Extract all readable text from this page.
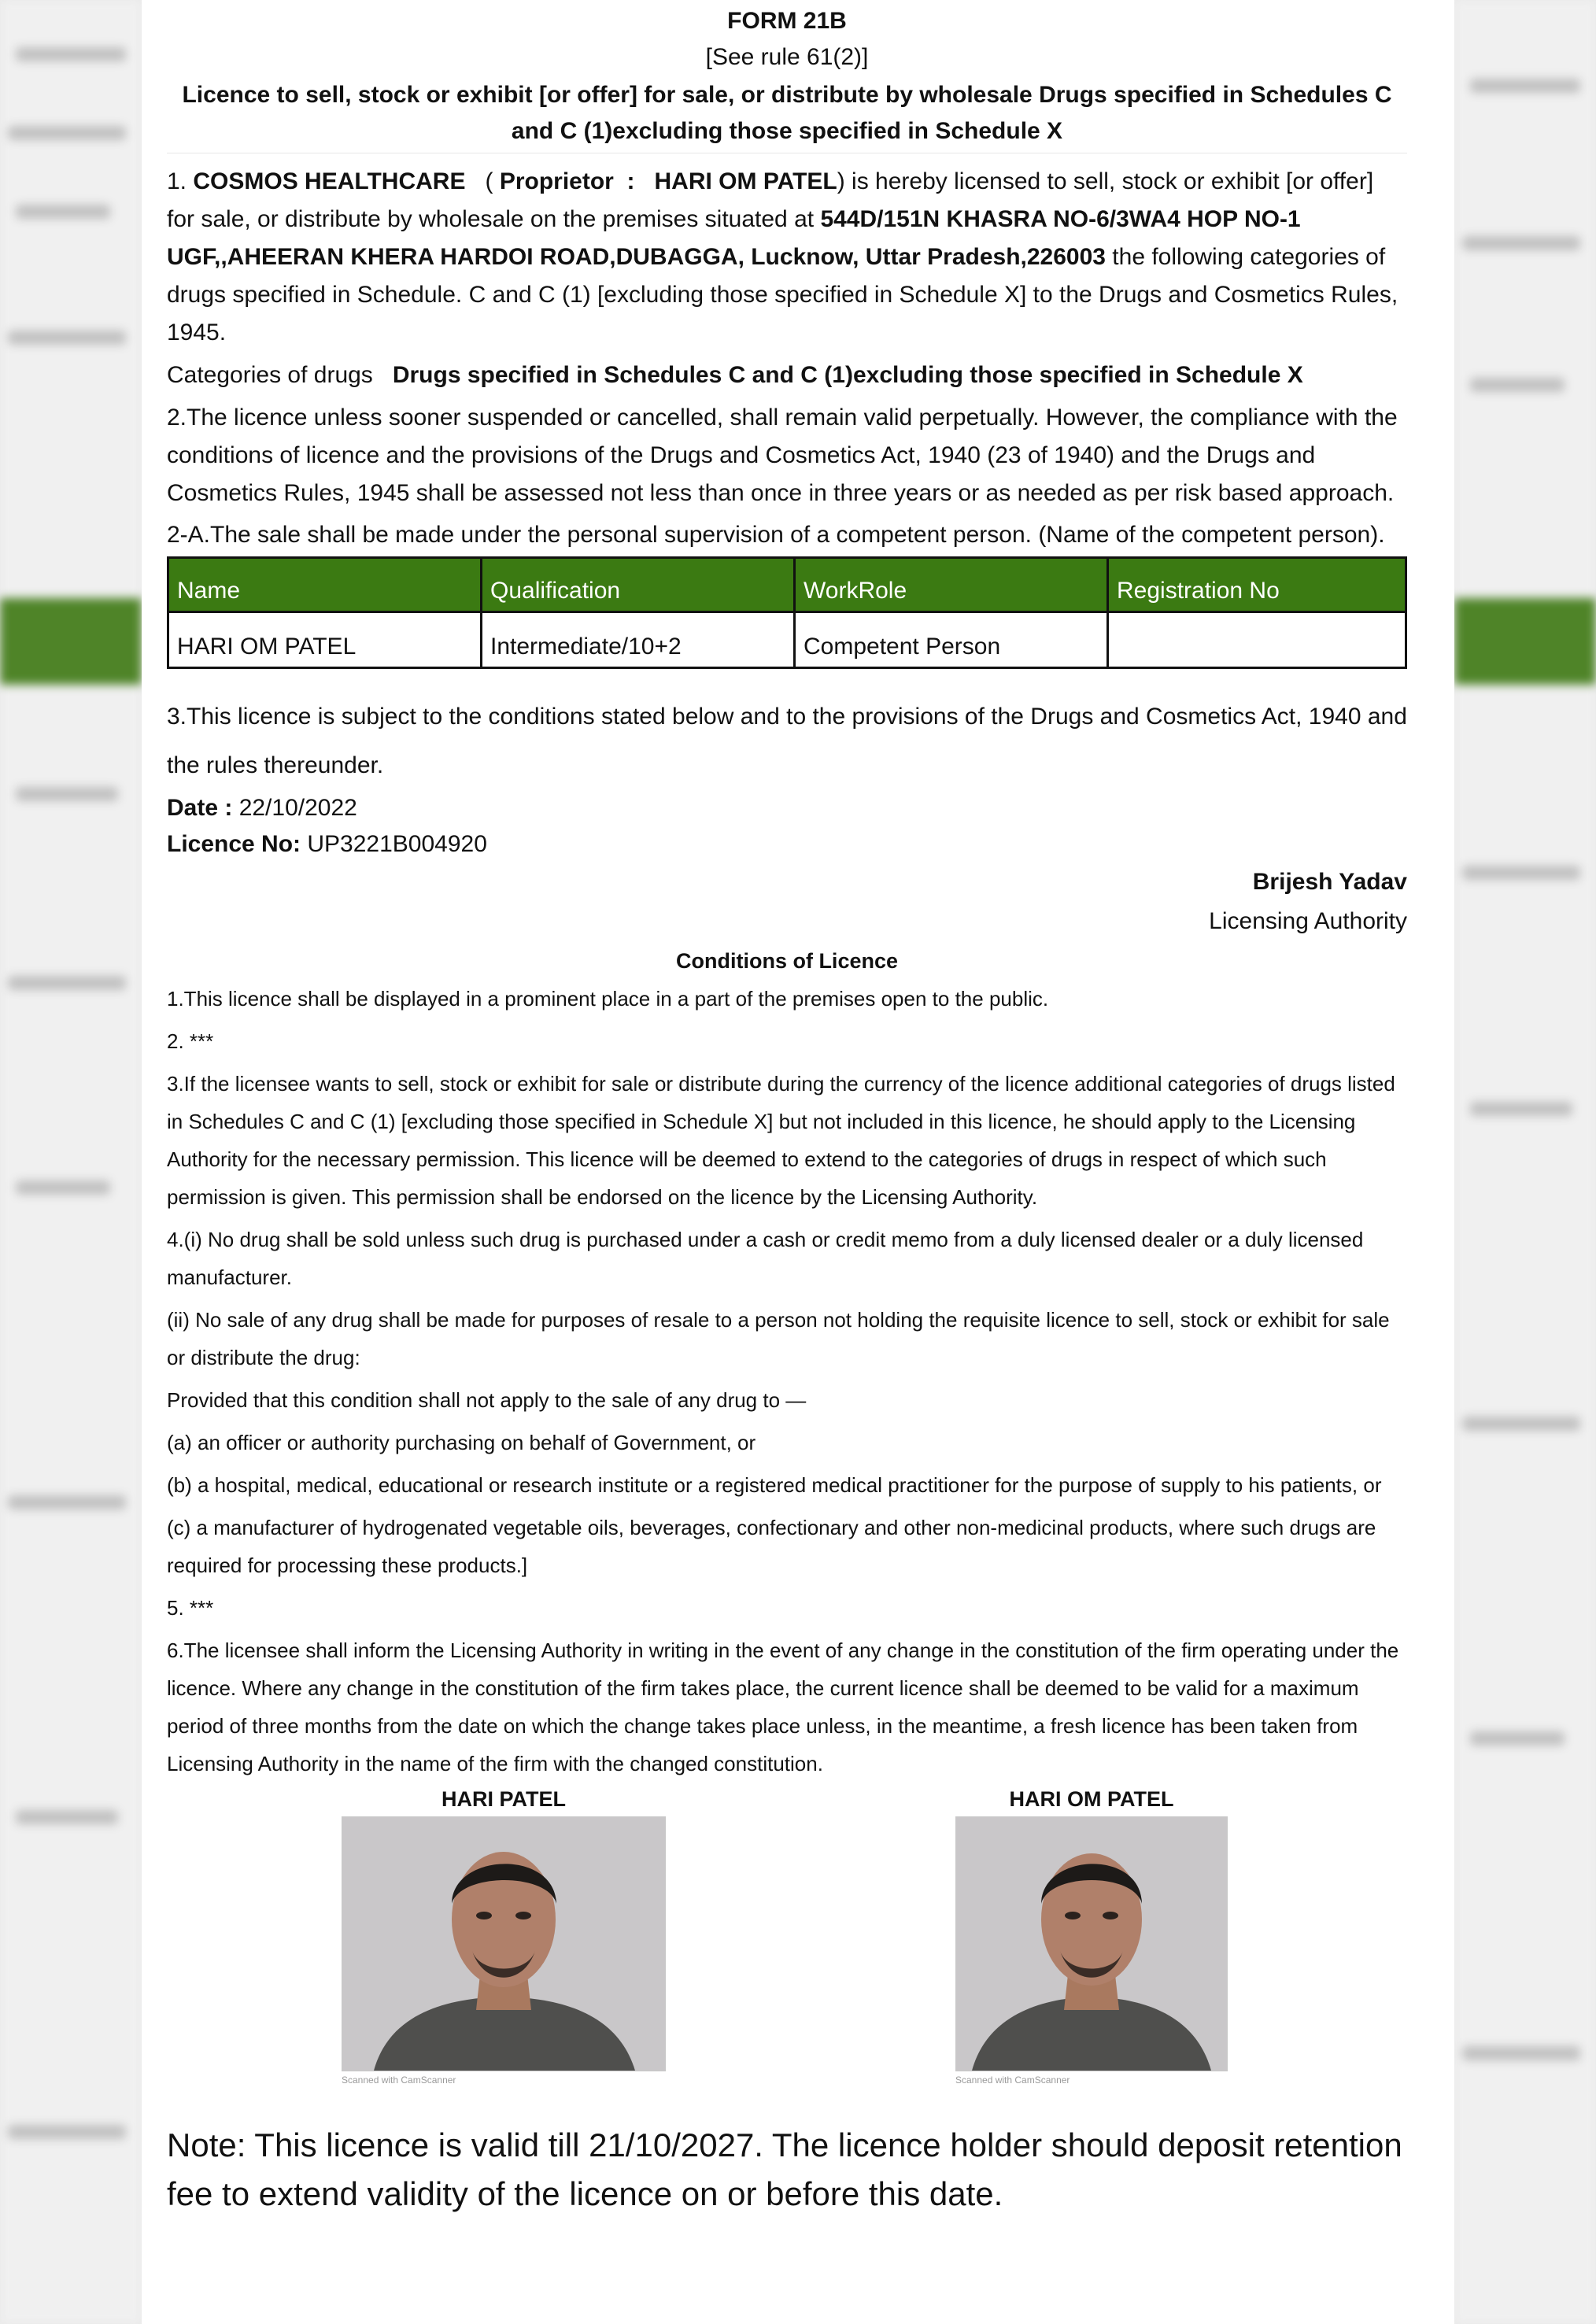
FORM 21B
[See rule 61(2)]
Licence to sell, stock or exhibit [or offer] for sale, or distribute by wholesale Drugs specified in Schedules C and C (1)excluding those specified in Schedule X

1. COSMOS HEALTHCARE   ( Proprietor  :   HARI OM PATEL) is hereby licensed to sell, stock or exhibit [or offer] for sale, or distribute by wholesale on the premises situated at 544D/151N KHASRA NO-6/3WA4 HOP NO-1 UGF,,AHEERAN KHERA HARDOI ROAD,DUBAGGA, Lucknow, Uttar Pradesh,226003 the following categories of drugs specified in Schedule. C and C (1) [excluding those specified in Schedule X] to the Drugs and Cosmetics Rules, 1945.

Categories of drugs   Drugs specified in Schedules C and C (1)excluding those specified in Schedule X

2.The licence unless sooner suspended or cancelled, shall remain valid perpetually. However, the compliance with the conditions of licence and the provisions of the Drugs and Cosmetics Act, 1940 (23 of 1940) and the Drugs and Cosmetics Rules, 1945 shall be assessed not less than once in three years or as needed as per risk based approach.

2-A.The sale shall be made under the personal supervision of a competent person. (Name of the competent person).

Name	Qualification	WorkRole	Registration No
HARI OM PATEL	Intermediate/10+2	Competent Person	

3.This licence is subject to the conditions stated below and to the provisions of the Drugs and Cosmetics Act, 1940 and the rules thereunder.

Date : 22/10/2022
Licence No: UP3221B004920
Brijesh Yadav
Licensing Authority
Conditions of Licence

1.This licence shall be displayed in a prominent place in a part of the premises open to the public.

2. ***

3.If the licensee wants to sell, stock or exhibit for sale or distribute during the currency of the licence additional categories of drugs listed in Schedules C and C (1) [excluding those specified in Schedule X] but not included in this licence, he should apply to the Licensing Authority for the necessary permission. This licence will be deemed to extend to the categories of drugs in respect of which such permission is given. This permission shall be endorsed on the licence by the Licensing Authority.

4.(i) No drug shall be sold unless such drug is purchased under a cash or credit memo from a duly licensed dealer or a duly licensed manufacturer.

(ii) No sale of any drug shall be made for purposes of resale to a person not holding the requisite licence to sell, stock or exhibit for sale or distribute the drug:

Provided that this condition shall not apply to the sale of any drug to —

(a) an officer or authority purchasing on behalf of Government, or

(b) a hospital, medical, educational or research institute or a registered medical practitioner for the purpose of supply to his patients, or

(c) a manufacturer of hydrogenated vegetable oils, beverages, confectionary and other non-medicinal products, where such drugs are required for processing these products.]

5. ***

6.The licensee shall inform the Licensing Authority in writing in the event of any change in the constitution of the firm operating under the licence. Where any change in the constitution of the firm takes place, the current licence shall be deemed to be valid for a maximum period of three months from the date on which the change takes place unless, in the meantime, a fresh licence has been taken from Licensing Authority in the name of the firm with the changed constitution.

HARI PATEL
Scanned with CamScanner
HARI OM PATEL
Scanned with CamScanner
Note: This licence is valid till 21/10/2027. The licence holder should deposit retention fee to extend validity of the licence on or before this date.
